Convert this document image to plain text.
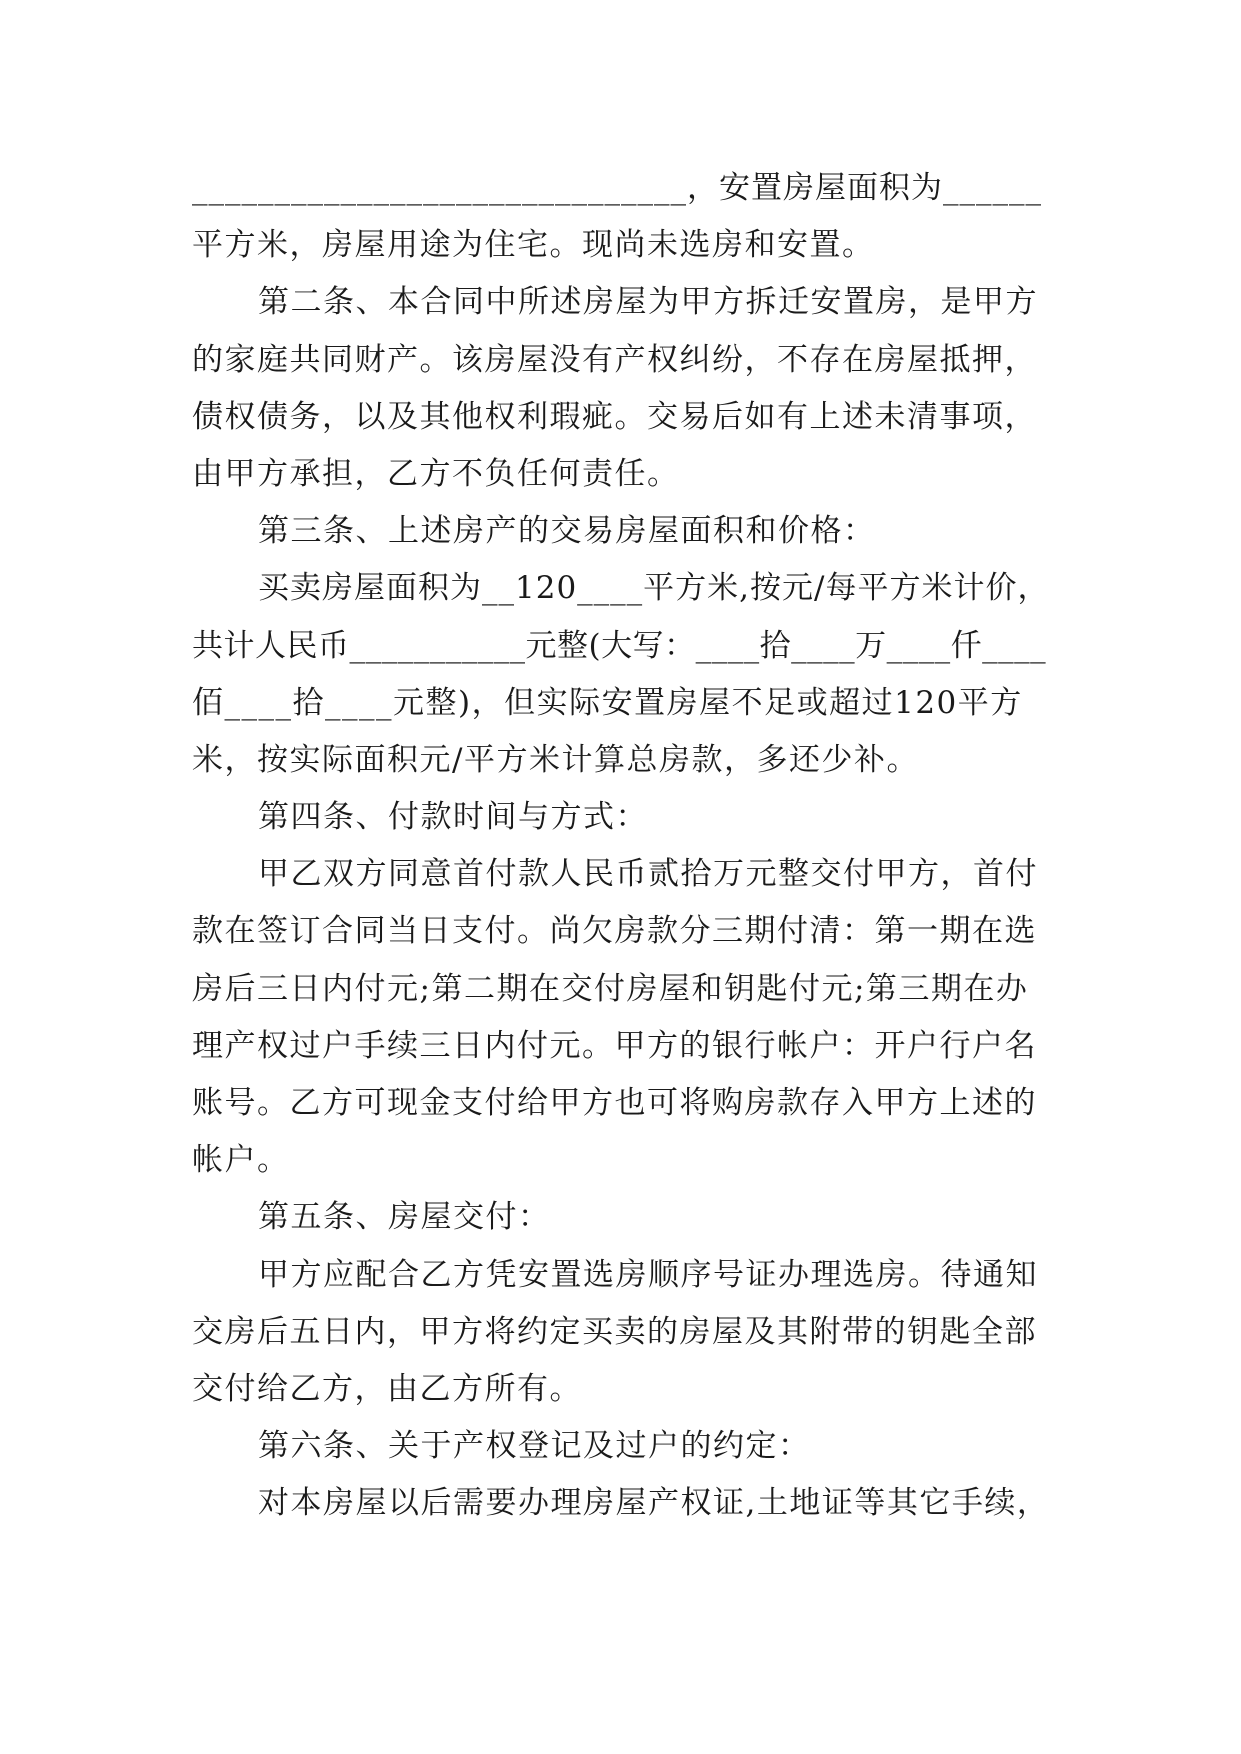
______________________________，安置房屋面积为______
平方米，房屋用途为住宅。现尚未选房和安置。
第二条、本合同中所述房屋为甲方拆迁安置房，是甲方
的家庭共同财产。该房屋没有产权纠纷，不存在房屋抵押，
债权债务，以及其他权利瑕疵。交易后如有上述未清事项，
由甲方承担，乙方不负任何责任。
第三条、上述房产的交易房屋面积和价格：
买卖房屋面积为__120____平方米,按元/每平方米计价，
共计人民币___________元整(大写：____拾____万____仟____
佰____拾____元整)，但实际安置房屋不足或超过120平方
米，按实际面积元/平方米计算总房款，多还少补。
第四条、付款时间与方式：
甲乙双方同意首付款人民币贰拾万元整交付甲方，首付
款在签订合同当日支付。尚欠房款分三期付清：第一期在选
房后三日内付元;第二期在交付房屋和钥匙付元;第三期在办
理产权过户手续三日内付元。甲方的银行帐户：开户行户名
账号。乙方可现金支付给甲方也可将购房款存入甲方上述的
帐户。
第五条、房屋交付：
甲方应配合乙方凭安置选房顺序号证办理选房。待通知
交房后五日内，甲方将约定买卖的房屋及其附带的钥匙全部
交付给乙方，由乙方所有。
第六条、关于产权登记及过户的约定：
对本房屋以后需要办理房屋产权证,土地证等其它手续，
